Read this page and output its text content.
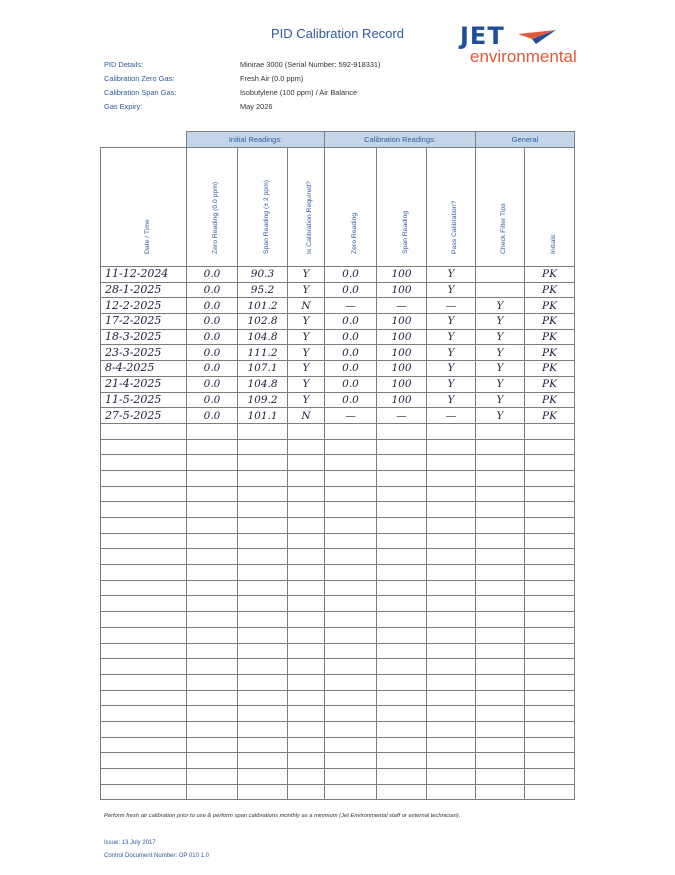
PID Calibration Record	JET
environmental
PID Details:	Minirae 3000 (Serial Number: 592-918331)
Calibration Zero Gas:	Fresh Air (0.0 ppm)
Calibration Span Gas:	Isobutylene (100 ppm) / Air Balance
Gas Expiry:	May 2026
	Initial Readings:			Calibration Readings:			General	

Date / Time	Zero Reading (0.0 ppm)	Span Reading (± 2 ppm)	Is Calibration Required?	Zero Reading	Span Reading	Pass Calibration?	Check Filter Tips	Initials

11-12-2024	0.0	90.3	Y	0.0	100	Y		PK
28-1-2025	0.0	95.2	Y	0.0	100	Y		PK
12-2-2025	0.0	101.2	N	—	—	—	Y	PK
17-2-2025	0.0	102.8	Y	0.0	100	Y	Y	PK
18-3-2025	0.0	104.8	Y	0.0	100	Y	Y	PK
23-3-2025	0.0	111.2	Y	0.0	100	Y	Y	PK
8-4-2025	0.0	107.1	Y	0.0	100	Y	Y	PK
21-4-2025	0.0	104.8	Y	0.0	100	Y	Y	PK
11-5-2025	0.0	109.2	Y	0.0	100	Y	Y	PK
27-5-2025	0.0	101.1	N	—	—	—	Y	PK

Perform fresh air calibration prior to use & perform span calibrations monthly as a minimum (Jet Environmental staff or external technician).
Issue: 13 July 2017
Control Document Number: OP 010 1.0
